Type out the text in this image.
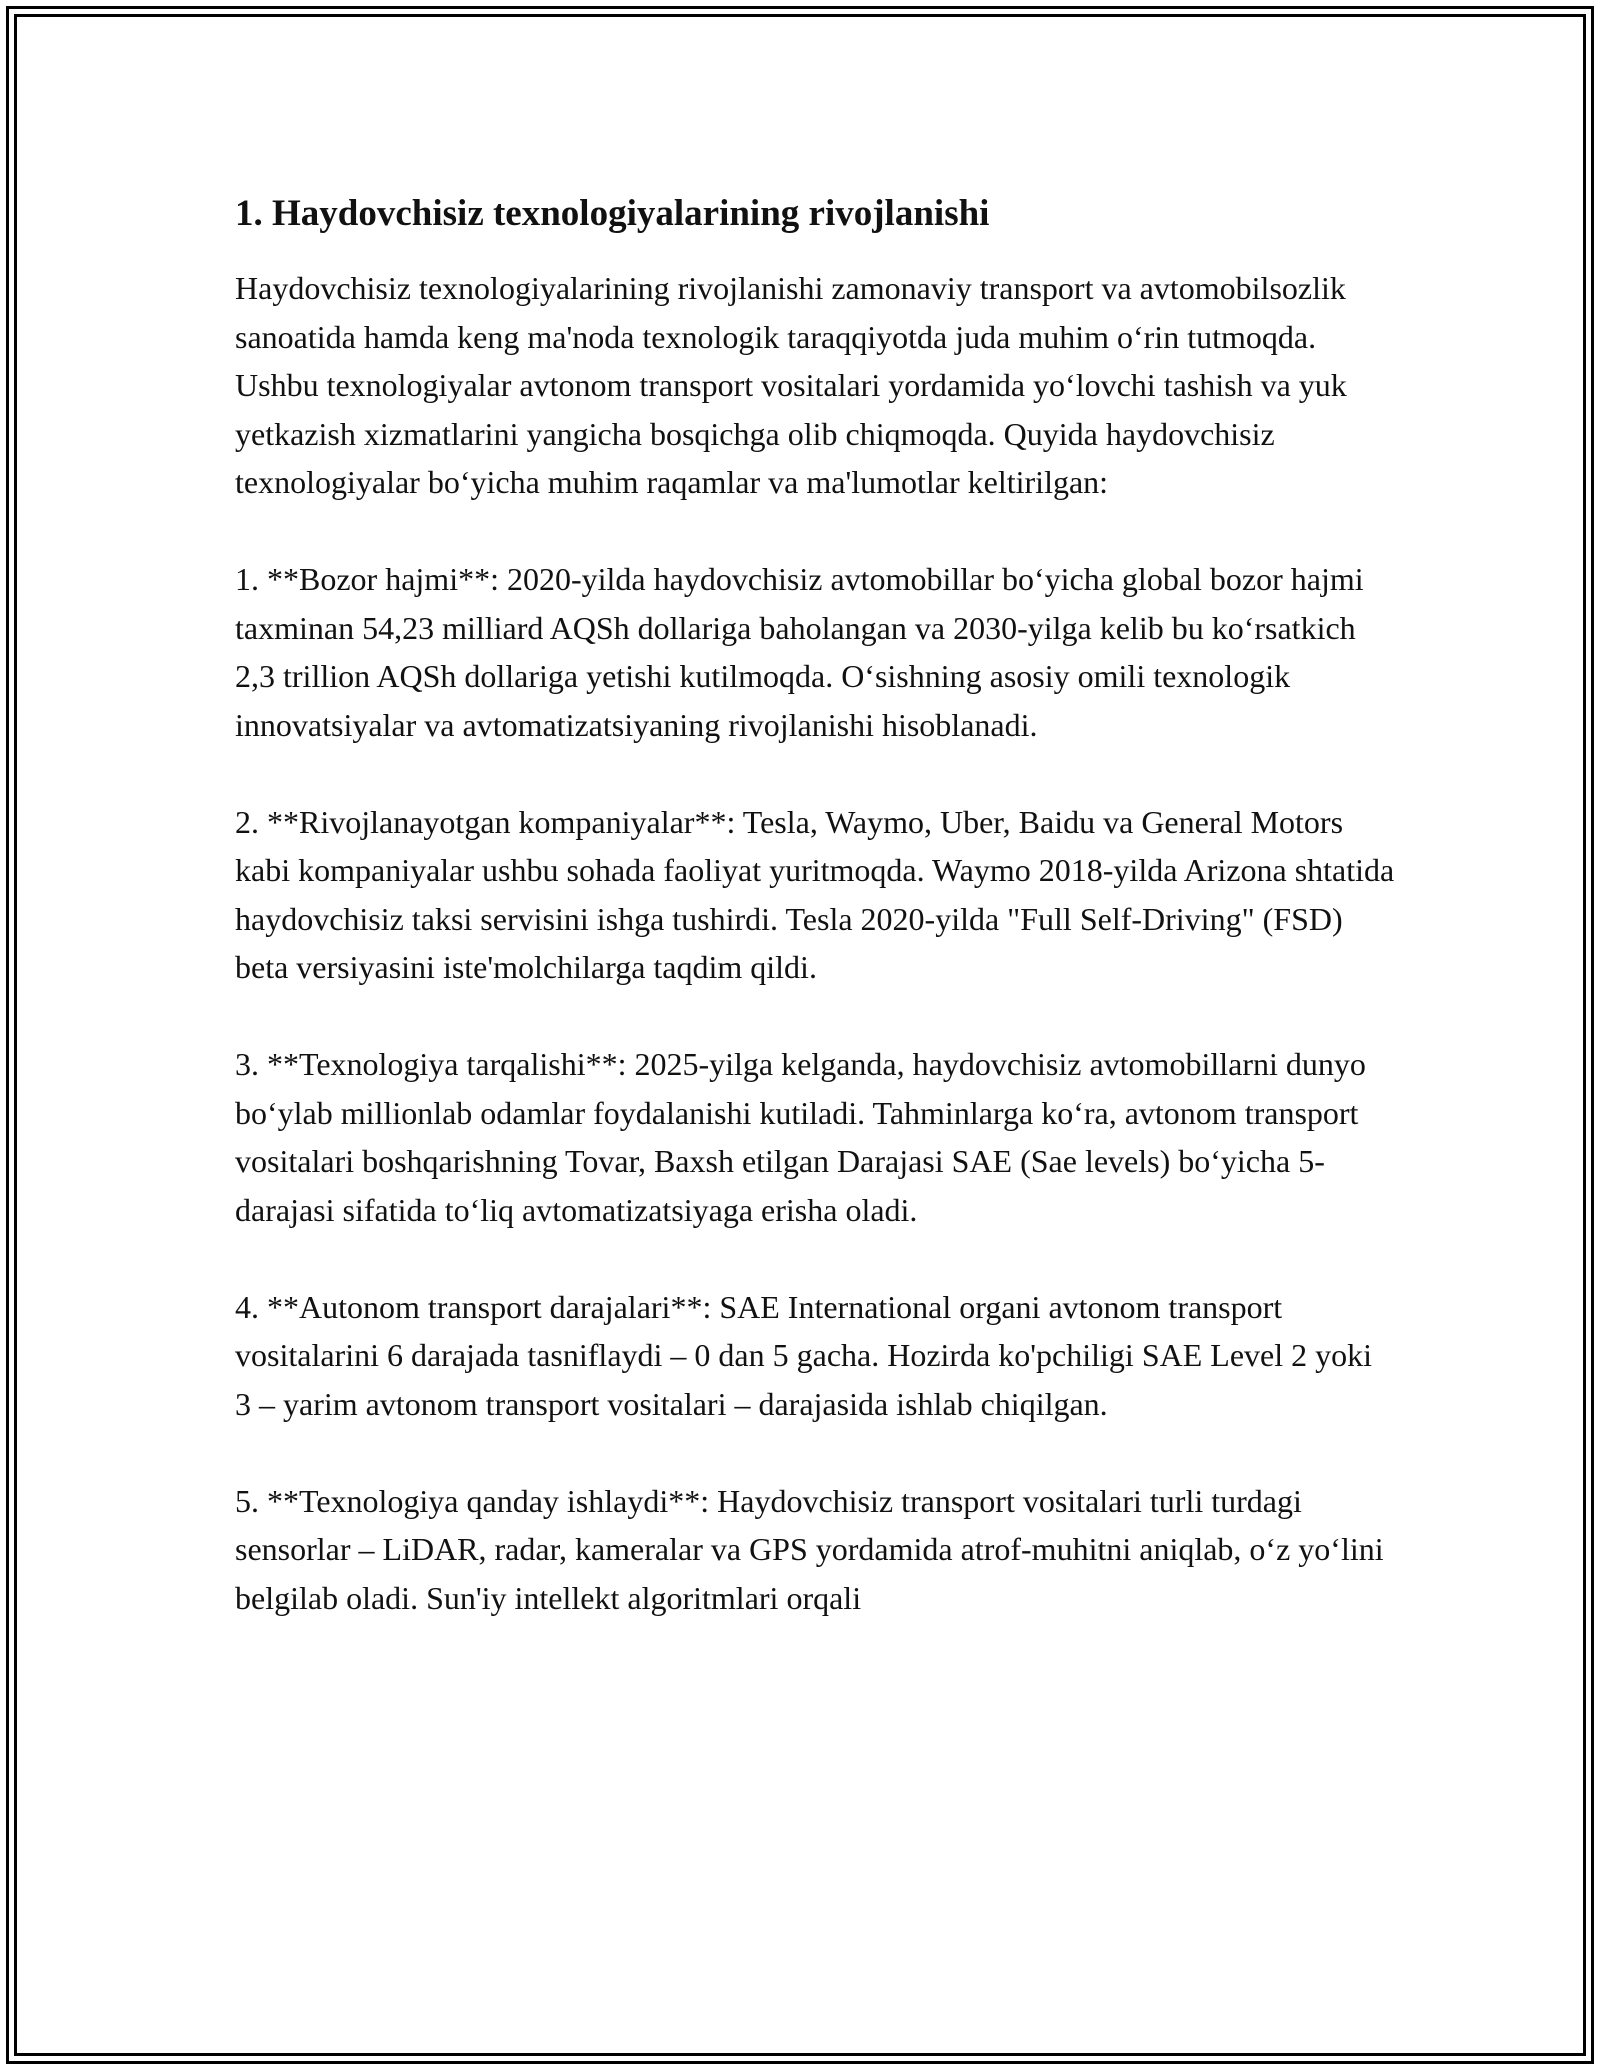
1. Haydovchisiz texnologiyalarining rivojlanishi
Haydovchisiz texnologiyalarining rivojlanishi zamonaviy transport va avtomobilsozlik sanoatida hamda keng ma'noda texnologik taraqqiyotda juda muhim o‘rin tutmoqda. Ushbu texnologiyalar avtonom transport vositalari yordamida yo‘lovchi tashish va yuk yetkazish xizmatlarini yangicha bosqichga olib chiqmoqda. Quyida haydovchisiz texnologiyalar bo‘yicha muhim raqamlar va ma'lumotlar keltirilgan:
1. **Bozor hajmi**: 2020-yilda haydovchisiz avtomobillar bo‘yicha global bozor hajmi taxminan 54,23 milliard AQSh dollariga baholangan va 2030-yilga kelib bu ko‘rsatkich 2,3 trillion AQSh dollariga yetishi kutilmoqda. O‘sishning asosiy omili texnologik innovatsiyalar va avtomatizatsiyaning rivojlanishi hisoblanadi.
2. **Rivojlanayotgan kompaniyalar**: Tesla, Waymo, Uber, Baidu va General Motors kabi kompaniyalar ushbu sohada faoliyat yuritmoqda. Waymo 2018-yilda Arizona shtatida haydovchisiz taksi servisini ishga tushirdi. Tesla 2020-yilda "Full Self-Driving" (FSD) beta versiyasini iste'molchilarga taqdim qildi.
3. **Texnologiya tarqalishi**: 2025-yilga kelganda, haydovchisiz avtomobillarni dunyo bo‘ylab millionlab odamlar foydalanishi kutiladi. Tahminlarga ko‘ra, avtonom transport vositalari boshqarishning Tovar, Baxsh etilgan Darajasi SAE (Sae levels) bo‘yicha 5-darajasi sifatida to‘liq avtomatizatsiyaga erisha oladi.
4. **Autonom transport darajalari**: SAE International organi avtonom transport vositalarini 6 darajada tasniflaydi – 0 dan 5 gacha. Hozirda ko'pchiligi SAE Level 2 yoki 3 – yarim avtonom transport vositalari – darajasida ishlab chiqilgan.
5. **Texnologiya qanday ishlaydi**: Haydovchisiz transport vositalari turli turdagi sensorlar – LiDAR, radar, kameralar va GPS yordamida atrof-muhitni aniqlab, o‘z yo‘lini belgilab oladi. Sun'iy intellekt algoritmlari orqali
